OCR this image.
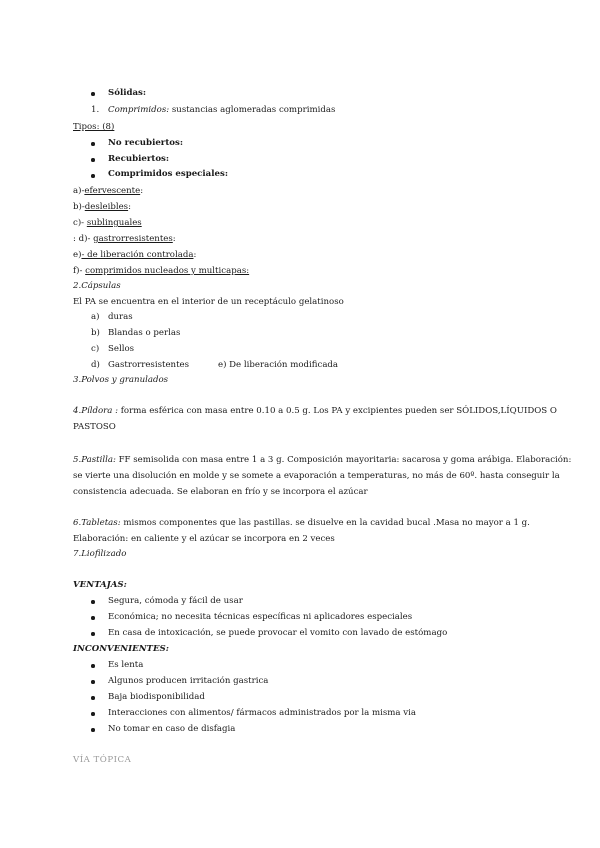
Sólidas:
1. Comprimidos: sustancias aglomeradas comprimidas
Tipos: (8)
No recubiertos:
Recubiertos:
Comprimidos especiales:
a)-efervescente:
b)-desleibles:
c)- sublinguales
: d)- gastrorresistentes:
e)- de liberación controlada:
f)- comprimidos nucleados y multicapas:
2.Cápsulas
El PA se encuentra en el interior de un receptáculo gelatinoso
a) duras
b) Blandas o perlas
c) Sellos
d) Gastrorresistentes	e) De liberación modificada
3.Polvos y granulados
4.Píldora : forma esférica con masa entre 0.10 a 0.5 g. Los PA y excipientes pueden ser SÓLIDOS,LÍQUIDOS O
PASTOSO
5.Pastilla: FF semisolida con masa entre 1 a 3 g. Composición mayoritaria: sacarosa y goma arábiga. Elaboración:
se vierte una disolución en molde y se somete a evaporación a temperaturas, no más de 60º. hasta conseguir la
consistencia adecuada. Se elaboran en frío y se incorpora el azúcar
6.Tabletas: mismos componentes que las pastillas. se disuelve en la cavidad bucal .Masa no mayor a 1 g.
Elaboración: en caliente y el azúcar se incorpora en 2 veces
7.Liofilizado
VENTAJAS:
Segura, cómoda y fácil de usar
Económica; no necesita técnicas específicas ni aplicadores especiales
En casa de intoxicación, se puede provocar el vomito con lavado de estómago
INCONVENIENTES:
Es lenta
Algunos producen irritación gastrica
Baja biodisponibilidad
Interacciones con alimentos/ fármacos administrados por la misma via
No tomar en caso de disfagia
VÍA TÓPICA
